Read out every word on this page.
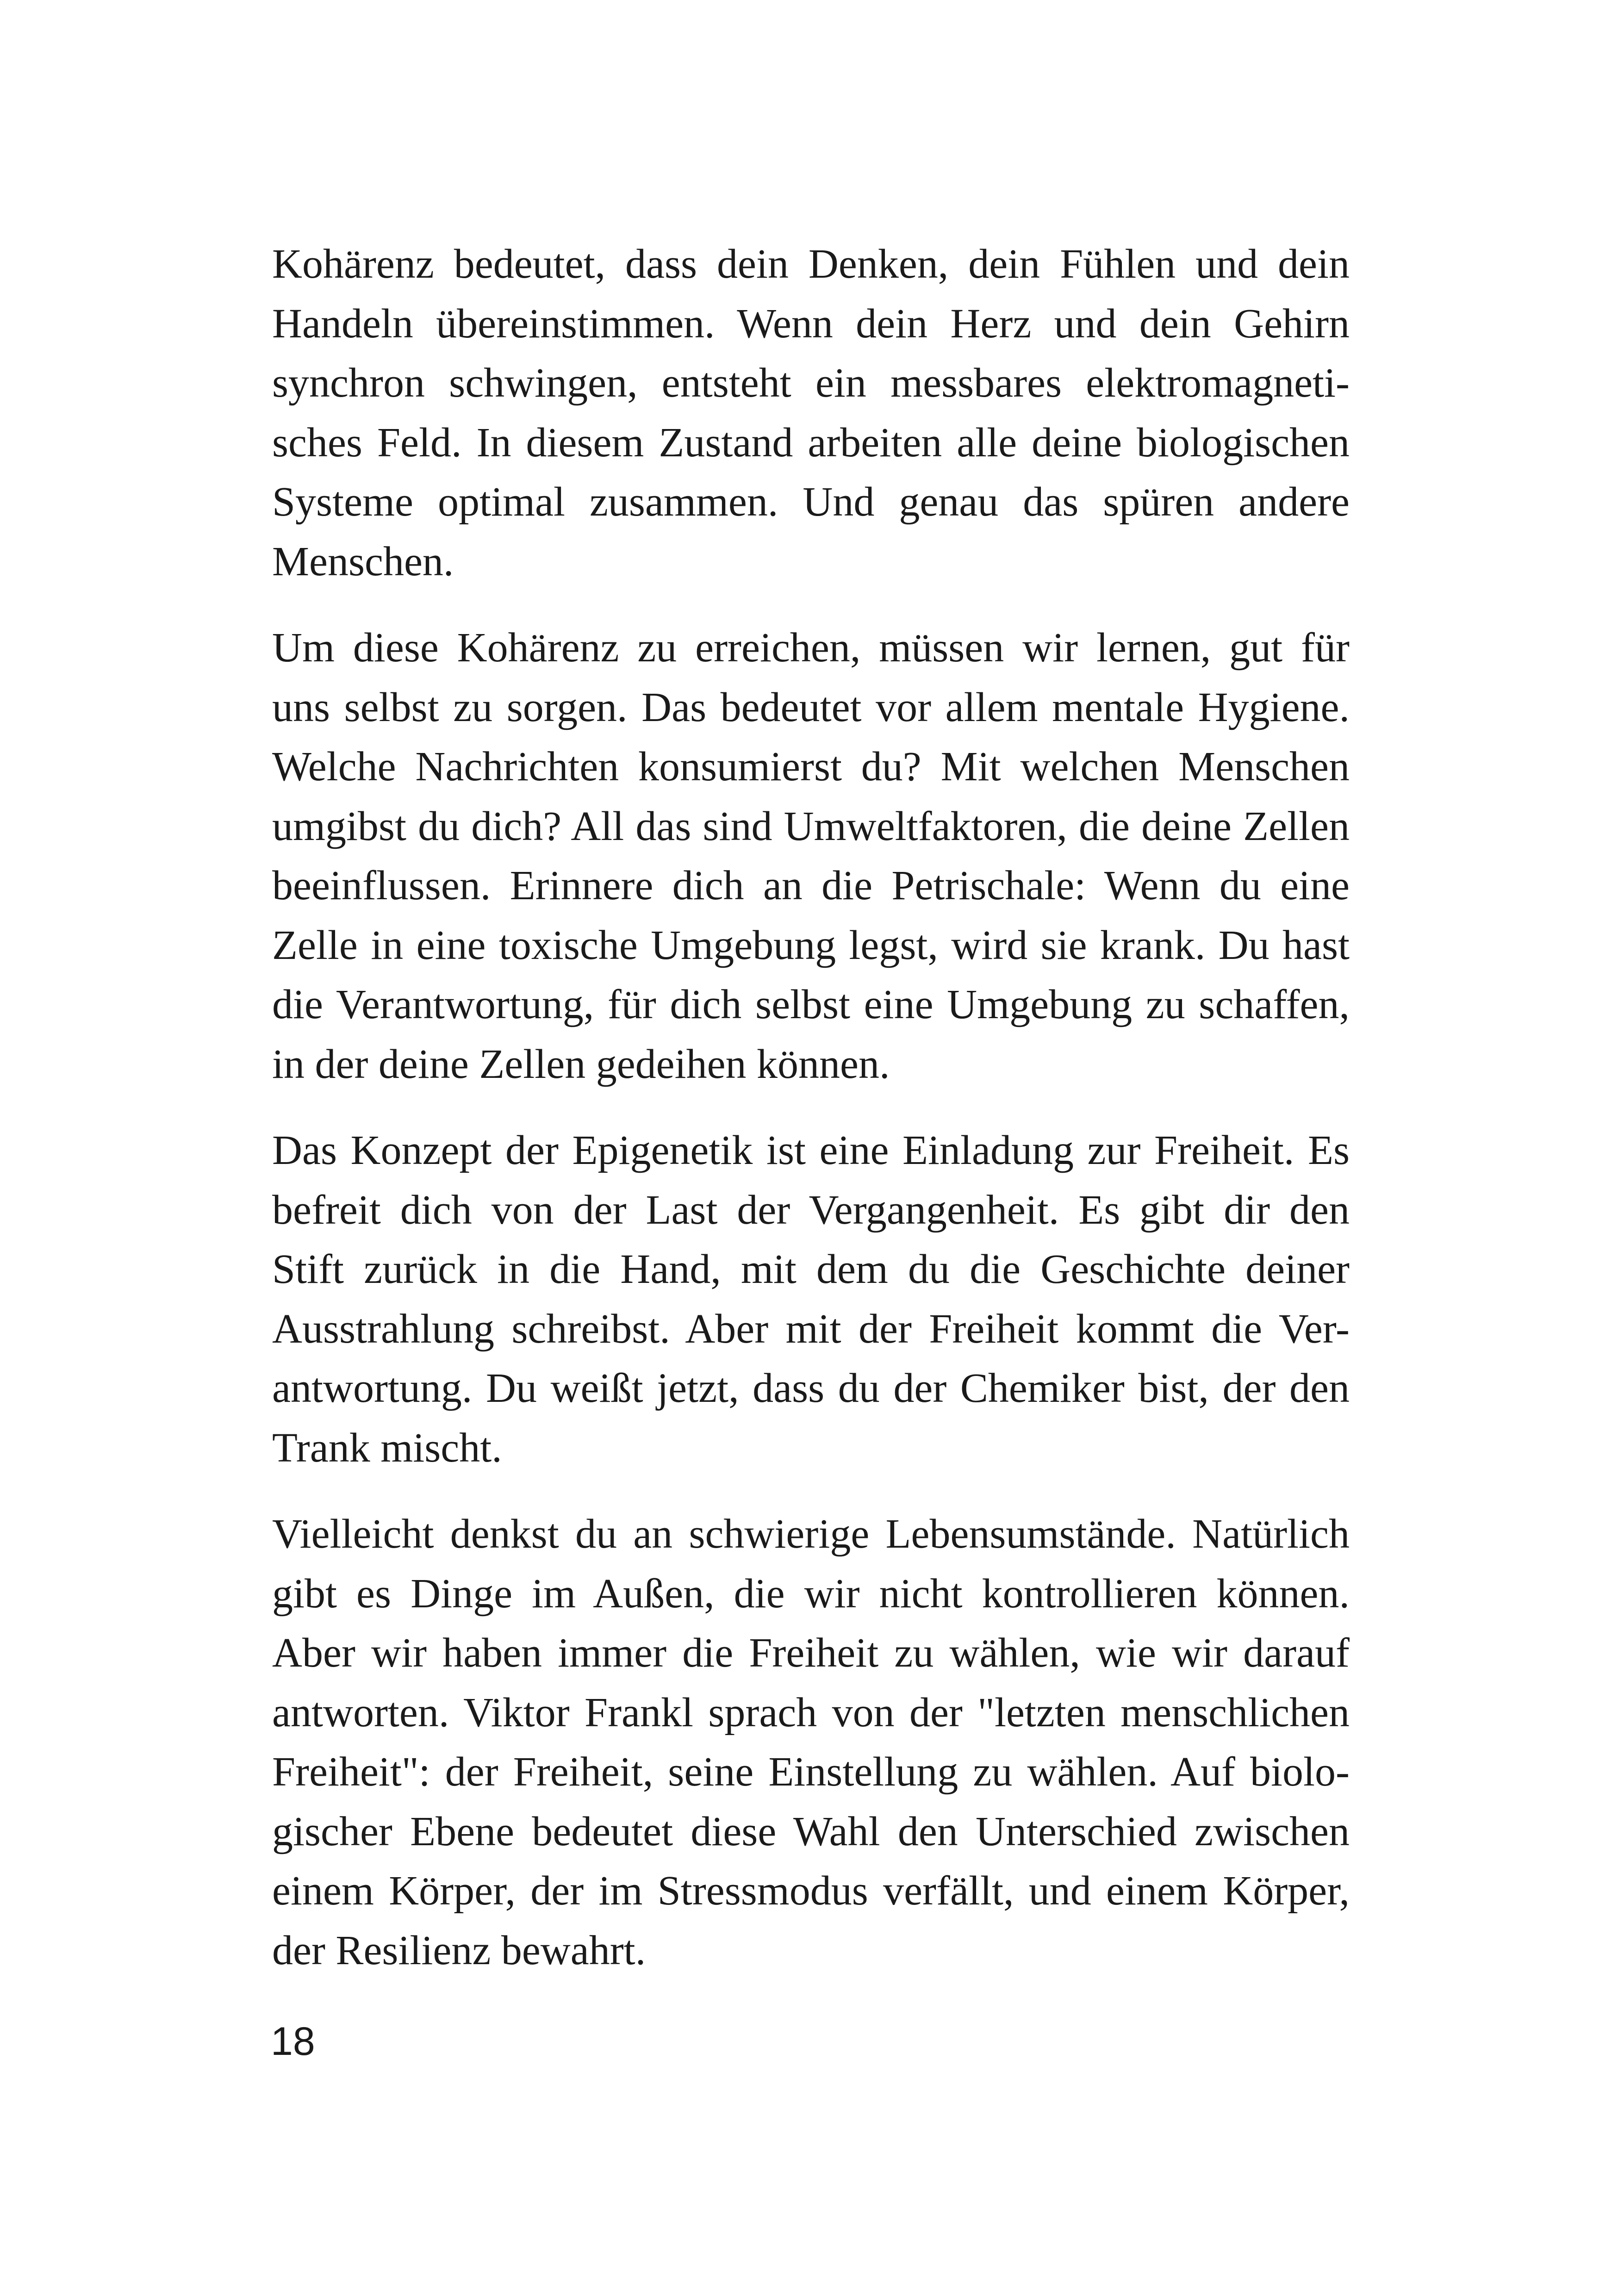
Kohärenz bedeutet, dass dein Denken, dein Fühlen und dein
Handeln übereinstimmen. Wenn dein Herz und dein Gehirn
synchron schwingen, entsteht ein messbares elektromagneti-
sches Feld. In diesem Zustand arbeiten alle deine biologischen
Systeme optimal zusammen. Und genau das spüren andere
Menschen.

Um diese Kohärenz zu erreichen, müssen wir lernen, gut für
uns selbst zu sorgen. Das bedeutet vor allem mentale Hygiene.
Welche Nachrichten konsumierst du? Mit welchen Menschen
umgibst du dich? All das sind Umweltfaktoren, die deine Zellen
beeinflussen. Erinnere dich an die Petrischale: Wenn du eine
Zelle in eine toxische Umgebung legst, wird sie krank. Du hast
die Verantwortung, für dich selbst eine Umgebung zu schaffen,
in der deine Zellen gedeihen können.

Das Konzept der Epigenetik ist eine Einladung zur Freiheit. Es
befreit dich von der Last der Vergangenheit. Es gibt dir den
Stift zurück in die Hand, mit dem du die Geschichte deiner
Ausstrahlung schreibst. Aber mit der Freiheit kommt die Ver-
antwortung. Du weißt jetzt, dass du der Chemiker bist, der den
Trank mischt.

Vielleicht denkst du an schwierige Lebensumstände. Natürlich
gibt es Dinge im Außen, die wir nicht kontrollieren können.
Aber wir haben immer die Freiheit zu wählen, wie wir darauf
antworten. Viktor Frankl sprach von der "letzten menschlichen
Freiheit": der Freiheit, seine Einstellung zu wählen. Auf biolo-
gischer Ebene bedeutet diese Wahl den Unterschied zwischen
einem Körper, der im Stressmodus verfällt, und einem Körper,
der Resilienz bewahrt.

18
